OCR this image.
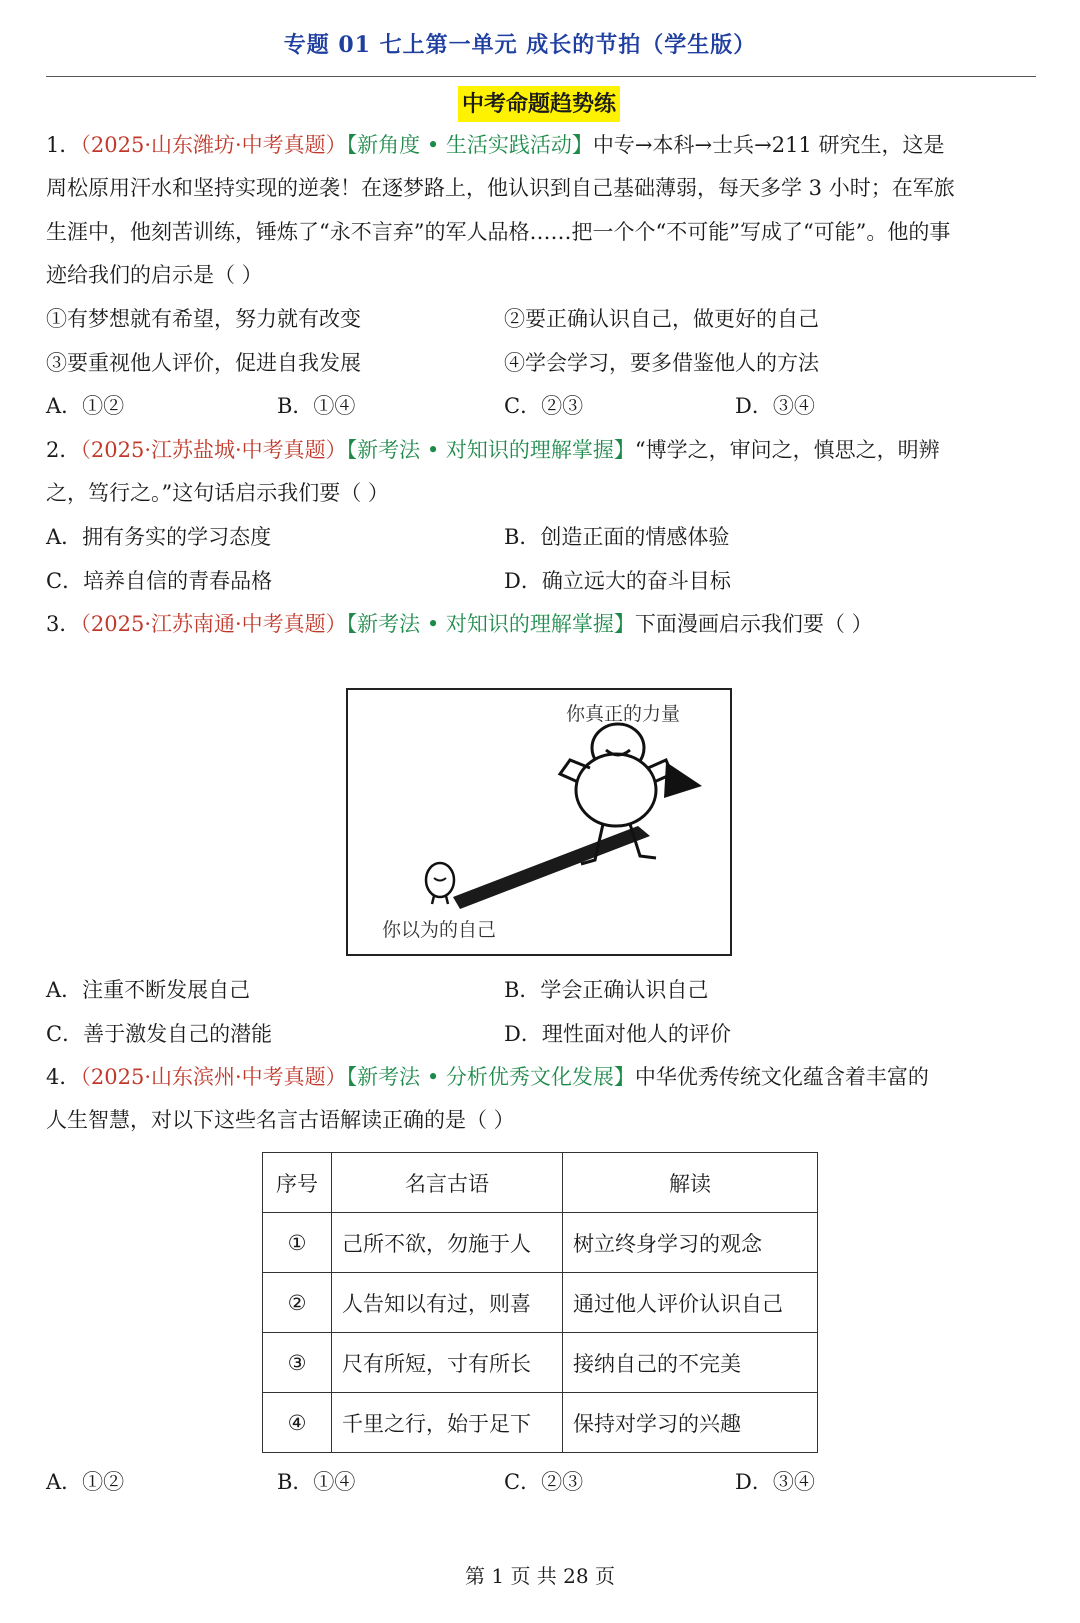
专题 01 七上第一单元 成长的节拍（学生版）
中考命题趋势练
1．（2025·山东潍坊·中考真题）【新角度 • 生活实践活动】中专→本科→士兵→211 研究生，这是
周松原用汗水和坚持实现的逆袭！在逐梦路上，他认识到自己基础薄弱，每天多学 3 小时；在军旅
生涯中，他刻苦训练，锤炼了“永不言弃”的军人品格……把一个个“不可能”写成了“可能”。他的事
迹给我们的启示是（ ）
①有梦想就有希望，努力就有改变	②要正确认识自己，做更好的自己
③要重视他人评价，促进自我发展	④学会学习，要多借鉴他人的方法
A．①②	B．①④	C．②③	D．③④
2．（2025·江苏盐城·中考真题）【新考法 • 对知识的理解掌握】“博学之，审问之，慎思之，明辨
之，笃行之。”这句话启示我们要（ ）
A．拥有务实的学习态度	B．创造正面的情感体验
C．培养自信的青春品格	D．确立远大的奋斗目标
3．（2025·江苏南通·中考真题）【新考法 • 对知识的理解掌握】下面漫画启示我们要（ ）
你真正的力量
你以为的自己
A．注重不断发展自己	B．学会正确认识自己
C．善于激发自己的潜能	D．理性面对他人的评价
4．（2025·山东滨州·中考真题）【新考法 • 分析优秀文化发展】中华优秀传统文化蕴含着丰富的
人生智慧，对以下这些名言古语解读正确的是（ ）
序号	名言古语	解读
①	己所不欲，勿施于人	树立终身学习的观念
②	人告知以有过，则喜	通过他人评价认识自己
③	尺有所短，寸有所长	接纳自己的不完美
④	千里之行，始于足下	保持对学习的兴趣
A．①②	B．①④	C．②③	D．③④
第 1 页 共 28 页
